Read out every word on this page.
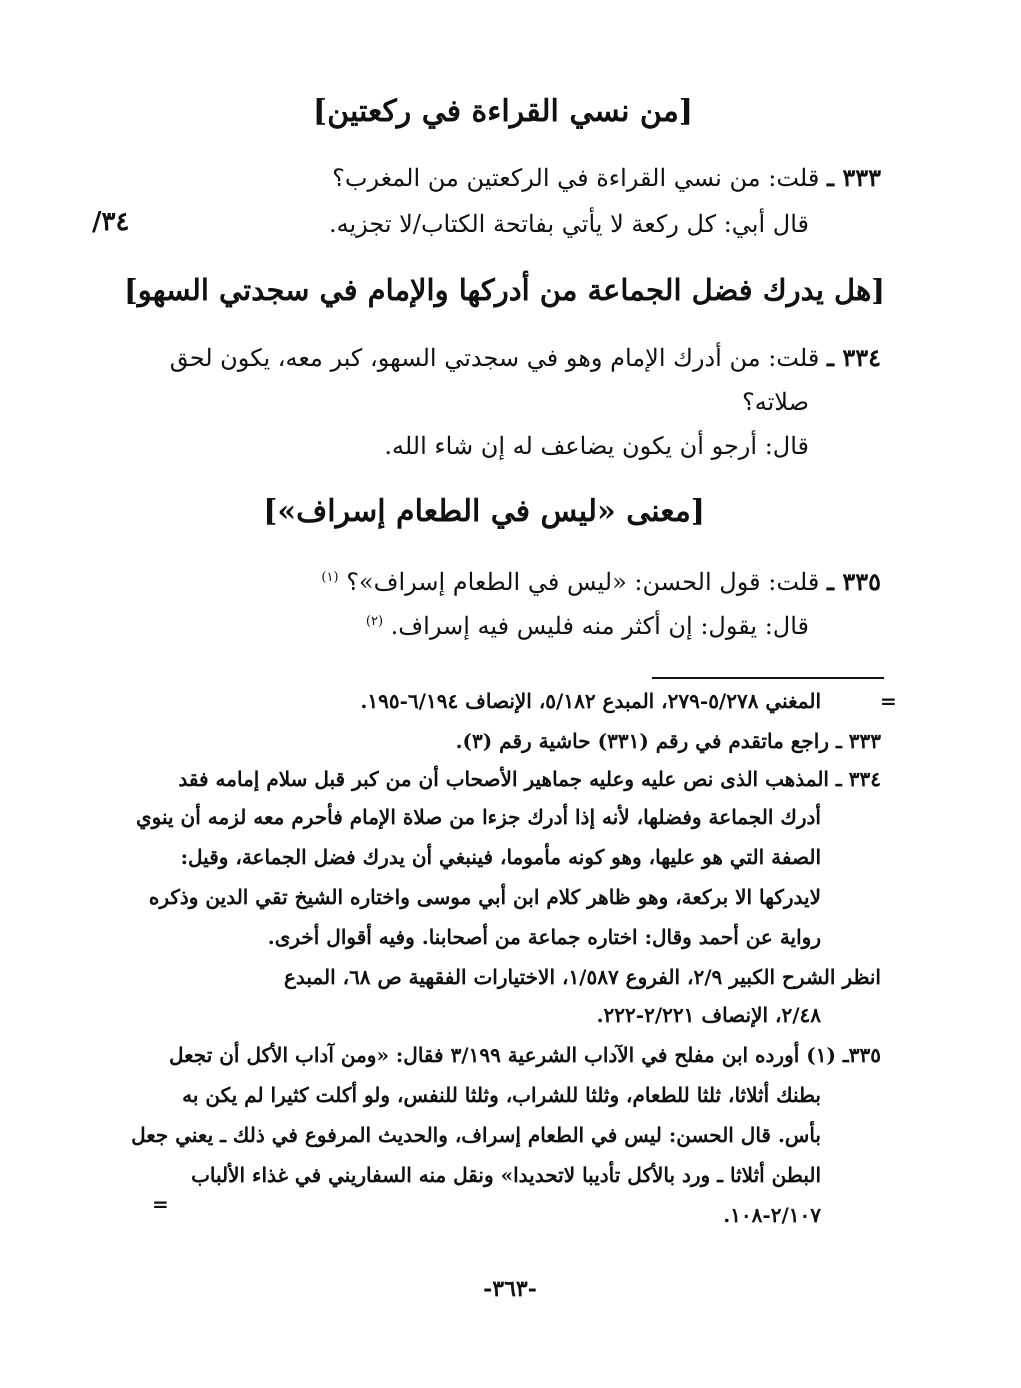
[من نسي القراءة في ركعتين]
٣٣٣ ـ قلت: من نسي القراءة في الركعتين من المغرب؟
قال أبي: كل ركعة لا يأتي بفاتحة الكتاب/لا تجزيه.
٣٤/
[هل يدرك فضل الجماعة من أدركها والإمام في سجدتي السهو]
٣٣٤ ـ قلت: من أدرك الإمام وهو في سجدتي السهو، كبر معه، يكون لحق
صلاته؟
قال: أرجو أن يكون يضاعف له إن شاء الله.
[معنى «ليس في الطعام إسراف»]
٣٣٥ ـ قلت: قول الحسن: «ليس في الطعام إسراف»؟ $^{(١)}$
قال: يقول: إن أكثر منه فليس فيه إسراف. $^{(٢)}$
=
المغني ٥/٢٧٨-٢٧٩، المبدع ٥/١٨٢، الإنصاف ٦/١٩٤-١٩٥.
٣٣٣ ـ راجع ماتقدم في رقم (٣٣١) حاشية رقم (٣).
٣٣٤ ـ المذهب الذى نص عليه وعليه جماهير الأصحاب أن من كبر قبل سلام إمامه فقد
أدرك الجماعة وفضلها، لأنه إذا أدرك جزءا من صلاة الإمام فأحرم معه لزمه أن ينوي
الصفة التي هو عليها، وهو كونه مأموما، فينبغي أن يدرك فضل الجماعة، وقيل:
لايدركها الا بركعة، وهو ظاهر كلام ابن أبي موسى واختاره الشيخ تقي الدين وذكره
رواية عن أحمد وقال: اختاره جماعة من أصحابنا. وفيه أقوال أخرى.
انظر الشرح الكبير ٢/٩، الفروع ١/٥٨٧، الاختيارات الفقهية ص ٦٨، المبدع
٢/٤٨، الإنصاف ٢/٢٢١-٢٢٢.
٣٣٥ـ (١) أورده ابن مفلح في الآداب الشرعية ٣/١٩٩ فقال: «ومن آداب الأكل أن تجعل
بطنك أثلاثا، ثلثا للطعام، وثلثا للشراب، وثلثا للنفس، ولو أكلت كثيرا لم يكن به
بأس. قال الحسن: ليس في الطعام إسراف، والحديث المرفوع في ذلك ـ يعني جعل
البطن أثلاثا ـ ورد بالأكل تأديبا لاتحديدا» ونقل منه السفاريني في غذاء الألباب
٢/١٠٧-١٠٨.
=
-٣٦٣-
